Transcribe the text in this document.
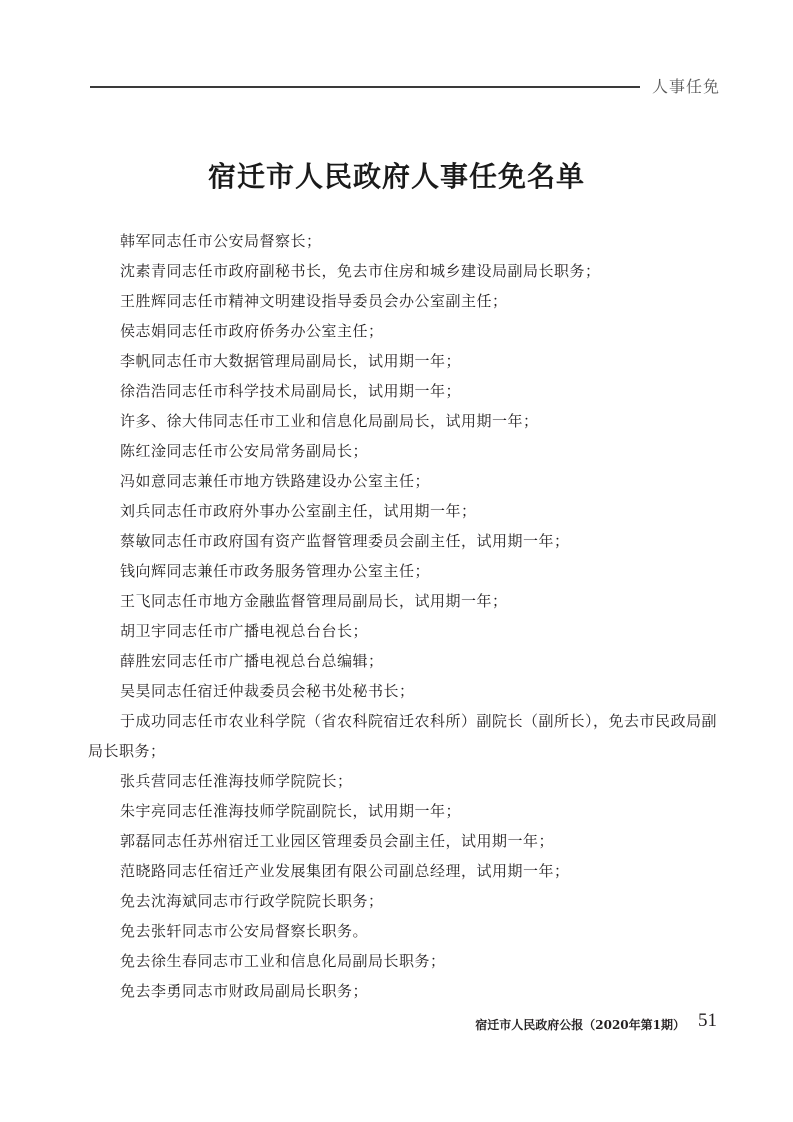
人事任免
宿迁市人民政府人事任免名单
韩军同志任市公安局督察长；
沈素青同志任市政府副秘书长，免去市住房和城乡建设局副局长职务；
王胜辉同志任市精神文明建设指导委员会办公室副主任；
侯志娟同志任市政府侨务办公室主任；
李帆同志任市大数据管理局副局长，试用期一年；
徐浩浩同志任市科学技术局副局长，试用期一年；
许多、徐大伟同志任市工业和信息化局副局长，试用期一年；
陈红淦同志任市公安局常务副局长；
冯如意同志兼任市地方铁路建设办公室主任；
刘兵同志任市政府外事办公室副主任，试用期一年；
蔡敏同志任市政府国有资产监督管理委员会副主任，试用期一年；
钱向辉同志兼任市政务服务管理办公室主任；
王飞同志任市地方金融监督管理局副局长，试用期一年；
胡卫宇同志任市广播电视总台台长；
薛胜宏同志任市广播电视总台总编辑；
吴昊同志任宿迁仲裁委员会秘书处秘书长；
于成功同志任市农业科学院（省农科院宿迁农科所）副院长（副所长），免去市民政局副局长职务；
张兵营同志任淮海技师学院院长；
朱宇亮同志任淮海技师学院副院长，试用期一年；
郭磊同志任苏州宿迁工业园区管理委员会副主任，试用期一年；
范晓路同志任宿迁产业发展集团有限公司副总经理，试用期一年；
免去沈海斌同志市行政学院院长职务；
免去张轩同志市公安局督察长职务。
免去徐生春同志市工业和信息化局副局长职务；
免去李勇同志市财政局副局长职务；
宿迁市人民政府公报（2020年第1期） 51
